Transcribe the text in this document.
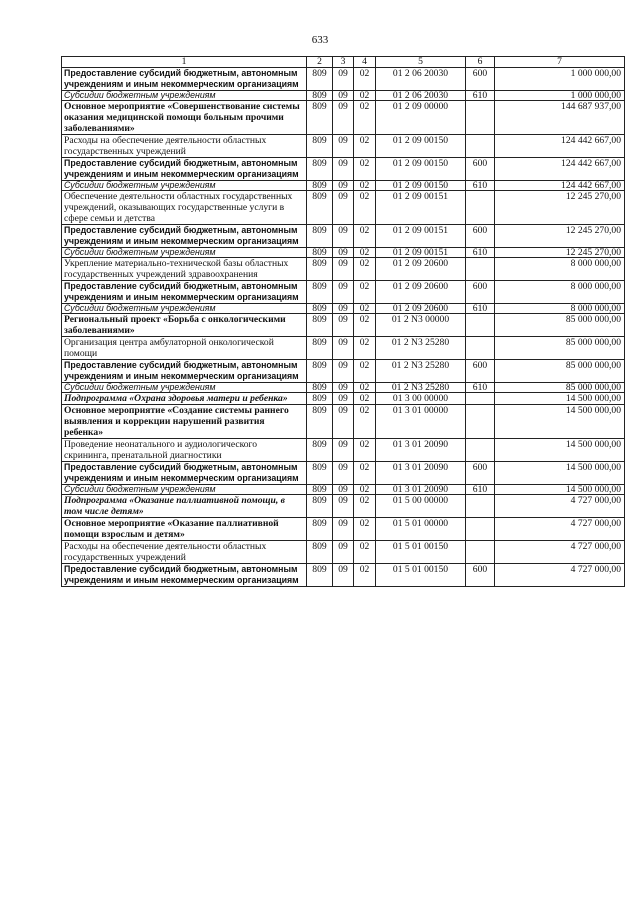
633
1	2	3	4	5	6	7
Предоставление субсидий бюджетным, автономным учреждениям и иным некоммерческим организациям	809	09	02	01 2 06 20030	600	1 000 000,00
Субсидии бюджетным учреждениям	809	09	02	01 2 06 20030	610	1 000 000,00
Основное мероприятие «Совершенствование системы оказания медицинской помощи больным прочими заболеваниями»	809	09	02	01 2 09 00000		144 687 937,00
Расходы на обеспечение деятельности областных государственных учреждений	809	09	02	01 2 09 00150		124 442 667,00
Предоставление субсидий бюджетным, автономным учреждениям и иным некоммерческим организациям	809	09	02	01 2 09 00150	600	124 442 667,00
Субсидии бюджетным учреждениям	809	09	02	01 2 09 00150	610	124 442 667,00
Обеспечение деятельности областных государственных учреждений, оказывающих государственные услуги в сфере семьи и детства	809	09	02	01 2 09 00151		12 245 270,00
Предоставление субсидий бюджетным, автономным учреждениям и иным некоммерческим организациям	809	09	02	01 2 09 00151	600	12 245 270,00
Субсидии бюджетным учреждениям	809	09	02	01 2 09 00151	610	12 245 270,00
Укрепление материально-технической базы областных государственных учреждений здравоохранения	809	09	02	01 2 09 20600		8 000 000,00
Предоставление субсидий бюджетным, автономным учреждениям и иным некоммерческим организациям	809	09	02	01 2 09 20600	600	8 000 000,00
Субсидии бюджетным учреждениям	809	09	02	01 2 09 20600	610	8 000 000,00
Региональный проект «Борьба с онкологическими заболеваниями»	809	09	02	01 2 N3 00000		85 000 000,00
Организация центра амбулаторной онкологической помощи	809	09	02	01 2 N3 25280		85 000 000,00
Предоставление субсидий бюджетным, автономным учреждениям и иным некоммерческим организациям	809	09	02	01 2 N3 25280	600	85 000 000,00
Субсидии бюджетным учреждениям	809	09	02	01 2 N3 25280	610	85 000 000,00
Подпрограмма «Охрана здоровья матери и ребенка»	809	09	02	01 3 00 00000		14 500 000,00
Основное мероприятие «Создание системы раннего выявления и коррекции нарушений развития ребенка»	809	09	02	01 3 01 00000		14 500 000,00
Проведение неонатального и аудиологического скрининга, пренатальной диагностики	809	09	02	01 3 01 20090		14 500 000,00
Предоставление субсидий бюджетным, автономным учреждениям и иным некоммерческим организациям	809	09	02	01 3 01 20090	600	14 500 000,00
Субсидии бюджетным учреждениям	809	09	02	01 3 01 20090	610	14 500 000,00
Подпрограмма «Оказание паллиативной помощи, в том числе детям»	809	09	02	01 5 00 00000		4 727 000,00
Основное мероприятие «Оказание паллиативной помощи взрослым и детям»	809	09	02	01 5 01 00000		4 727 000,00
Расходы на обеспечение деятельности областных государственных учреждений	809	09	02	01 5 01 00150		4 727 000,00
Предоставление субсидий бюджетным, автономным учреждениям и иным некоммерческим организациям	809	09	02	01 5 01 00150	600	4 727 000,00
